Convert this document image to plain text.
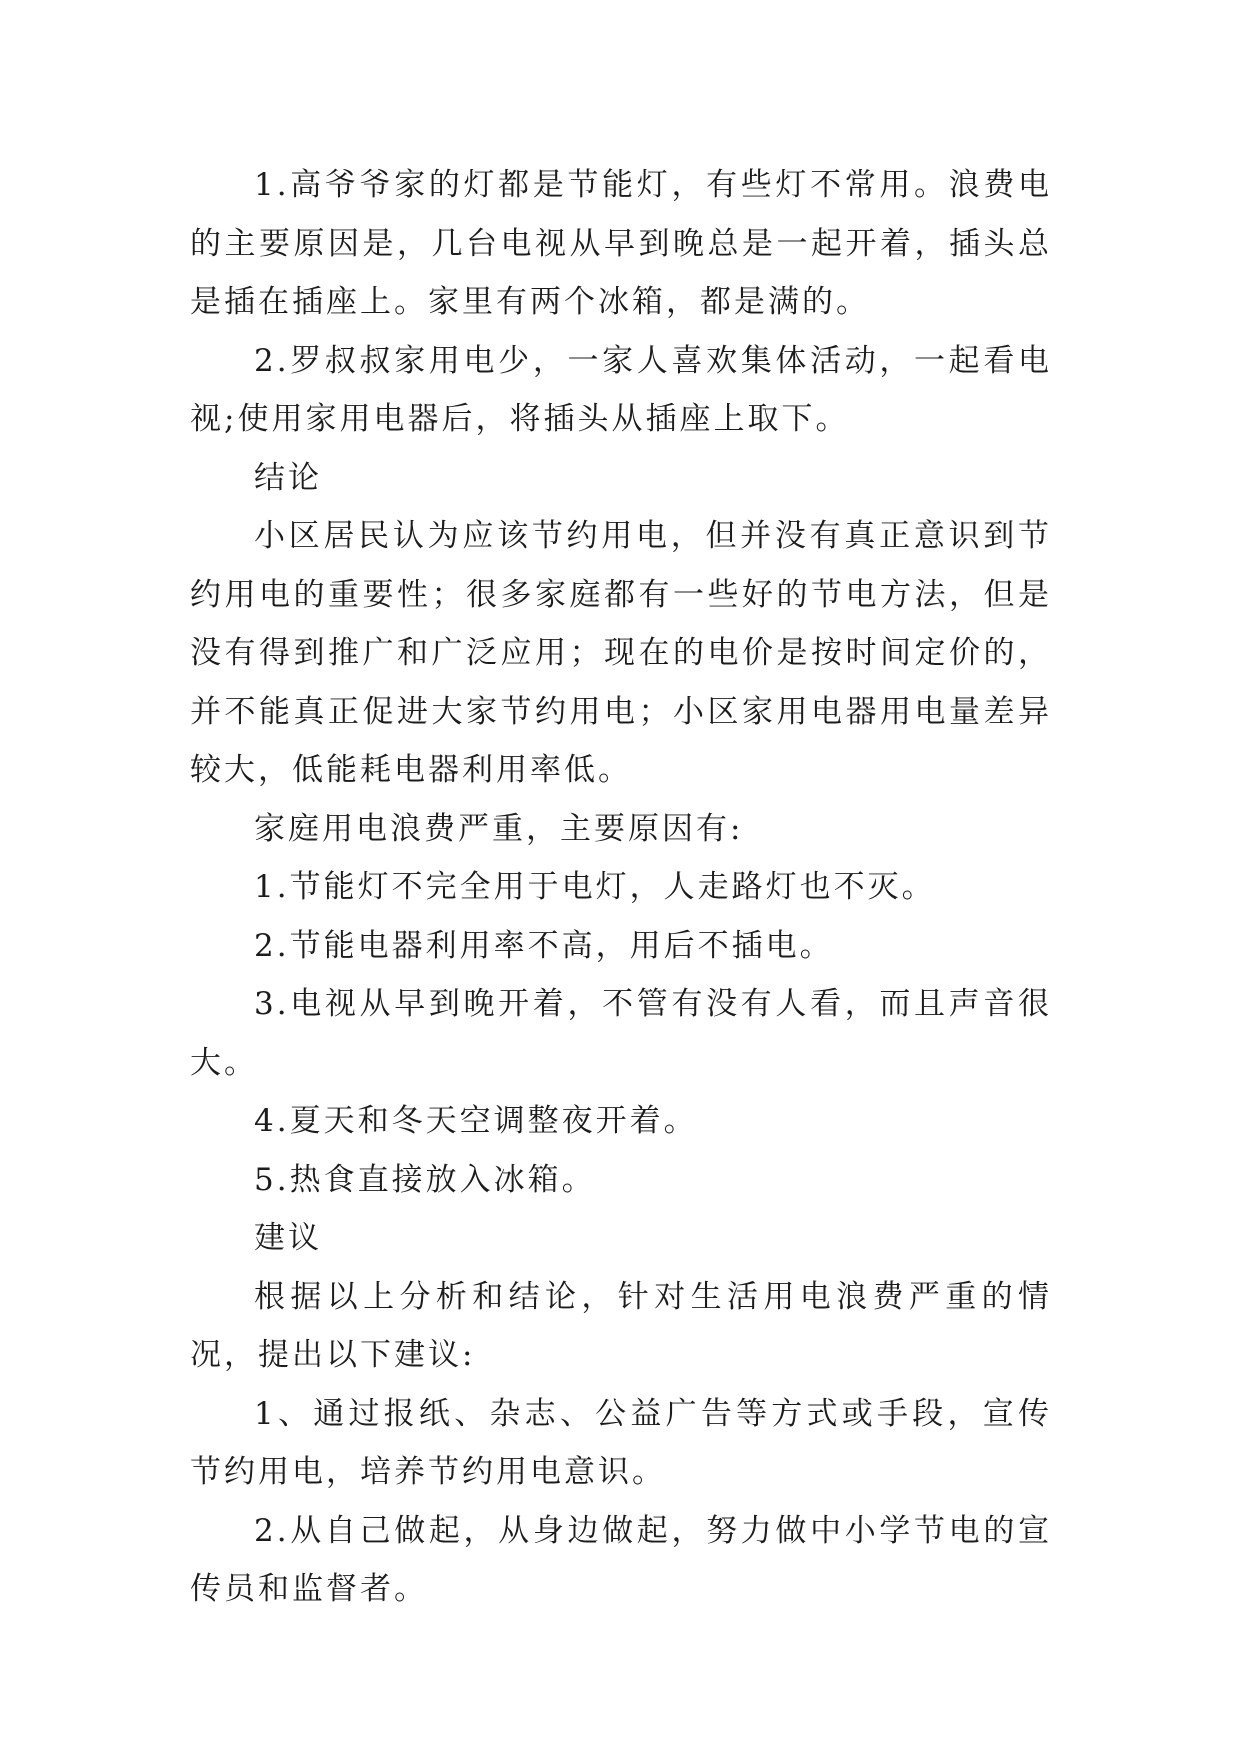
1.高爷爷家的灯都是节能灯，有些灯不常用。浪费电的主要原因是，几台电视从早到晚总是一起开着，插头总是插在插座上。家里有两个冰箱，都是满的。

2.罗叔叔家用电少，一家人喜欢集体活动，一起看电视;使用家用电器后，将插头从插座上取下。

结论

小区居民认为应该节约用电，但并没有真正意识到节约用电的重要性；很多家庭都有一些好的节电方法，但是没有得到推广和广泛应用；现在的电价是按时间定价的，并不能真正促进大家节约用电；小区家用电器用电量差异较大，低能耗电器利用率低。

家庭用电浪费严重，主要原因有:

1.节能灯不完全用于电灯，人走路灯也不灭。

2.节能电器利用率不高，用后不插电。

3.电视从早到晚开着，不管有没有人看，而且声音很大。

4.夏天和冬天空调整夜开着。

5.热食直接放入冰箱。

建议

根据以上分析和结论，针对生活用电浪费严重的情况，提出以下建议:

1、通过报纸、杂志、公益广告等方式或手段，宣传节约用电，培养节约用电意识。

2.从自己做起，从身边做起，努力做中小学节电的宣传员和监督者。
